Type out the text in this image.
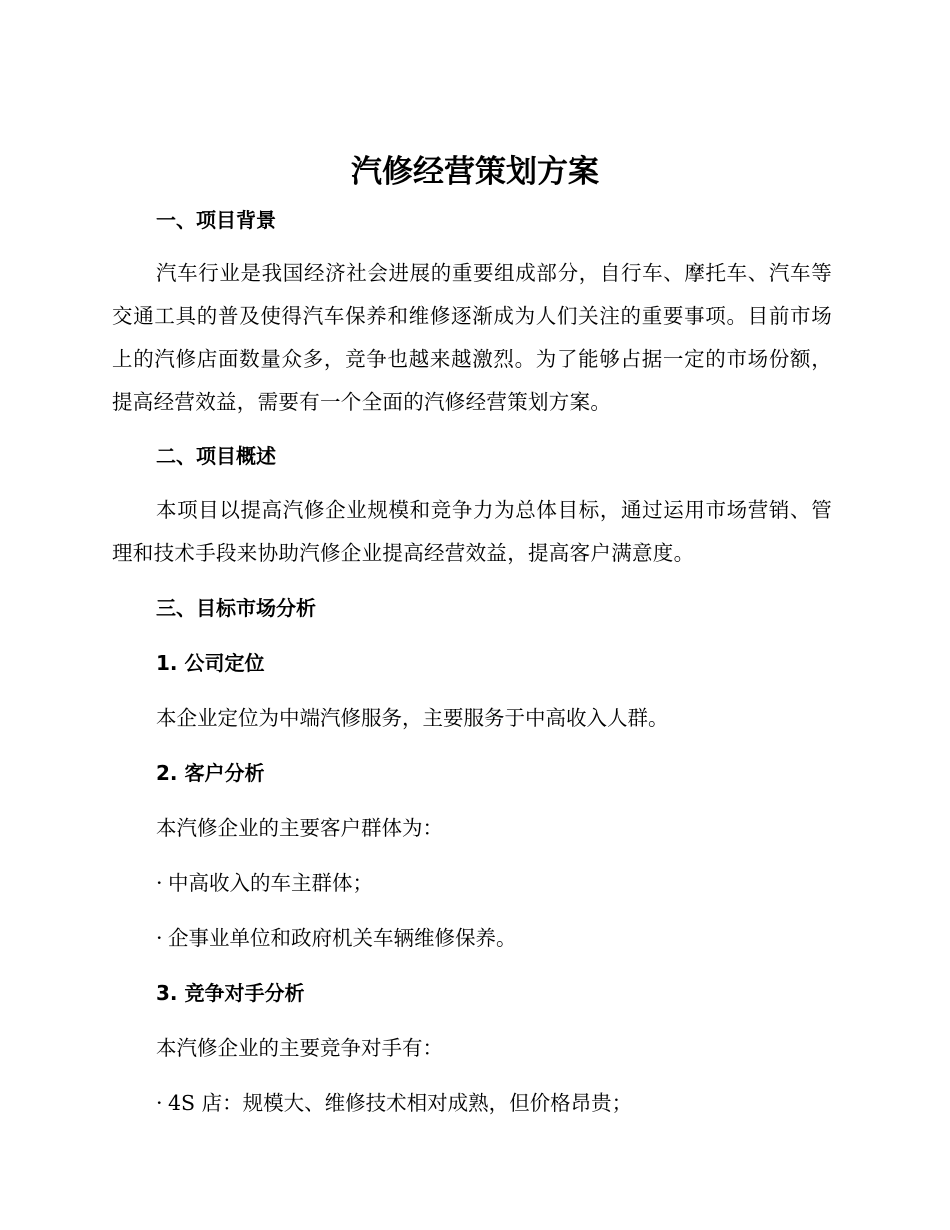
汽修经营策划方案
一、项目背景

汽车行业是我国经济社会进展的重要组成部分，自行车、摩托车、汽车等交通工具的普及使得汽车保养和维修逐渐成为人们关注的重要事项。目前市场上的汽修店面数量众多，竞争也越来越激烈。为了能够占据一定的市场份额，提高经营效益，需要有一个全面的汽修经营策划方案。

二、项目概述

本项目以提高汽修企业规模和竞争力为总体目标，通过运用市场营销、管理和技术手段来协助汽修企业提高经营效益，提高客户满意度。

三、目标市场分析
1. 公司定位

本企业定位为中端汽修服务，主要服务于中高收入人群。

2. 客户分析

本汽修企业的主要客户群体为：

· 中高收入的车主群体；

· 企事业单位和政府机关车辆维修保养。

3. 竞争对手分析

本汽修企业的主要竞争对手有：

· 4S 店：规模大、维修技术相对成熟，但价格昂贵；
